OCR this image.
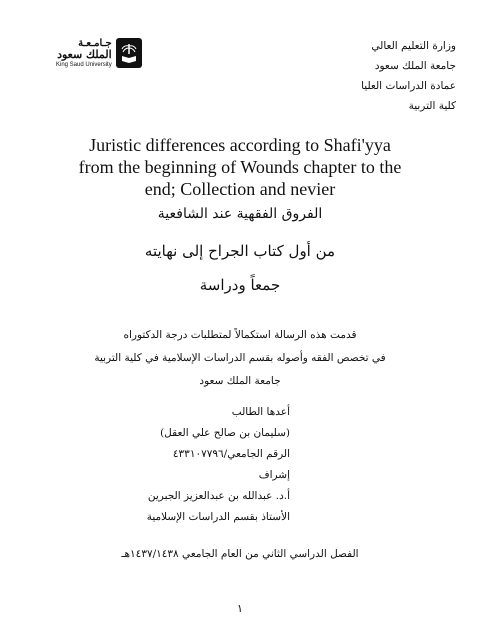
جـامـعـة
الملك سعود
King Saud University
وزارة التعليم العالي
جامعة الملك سعود
عمادة الدراسات العليا
كلية التربية
Juristic differences according to Shafi'yya
from the beginning of Wounds chapter to the
end; Collection and nevier
الفروق الفقهية عند الشافعية
من أول كتاب الجراح إلى نهايته
جمعاً ودراسة
قدمت هذه الرسالة استكمالاً لمتطلبات درجة الدكتوراه
في تخصص الفقه وأصوله بقسم الدراسات الإسلامية في كلية التربية
جامعة الملك سعود
أعدها الطالب
(سليمان بن صالح علي العقل)
الرقم الجامعي/٤٣٣١٠٧٧٩٦
إشراف
أ.د. عبدالله بن عبدالعزيز الجبرين
الأستاذ بقسم الدراسات الإسلامية
الفصل الدراسي الثاني من العام الجامعي ١٤٣٧/١٤٣٨هـ
١
